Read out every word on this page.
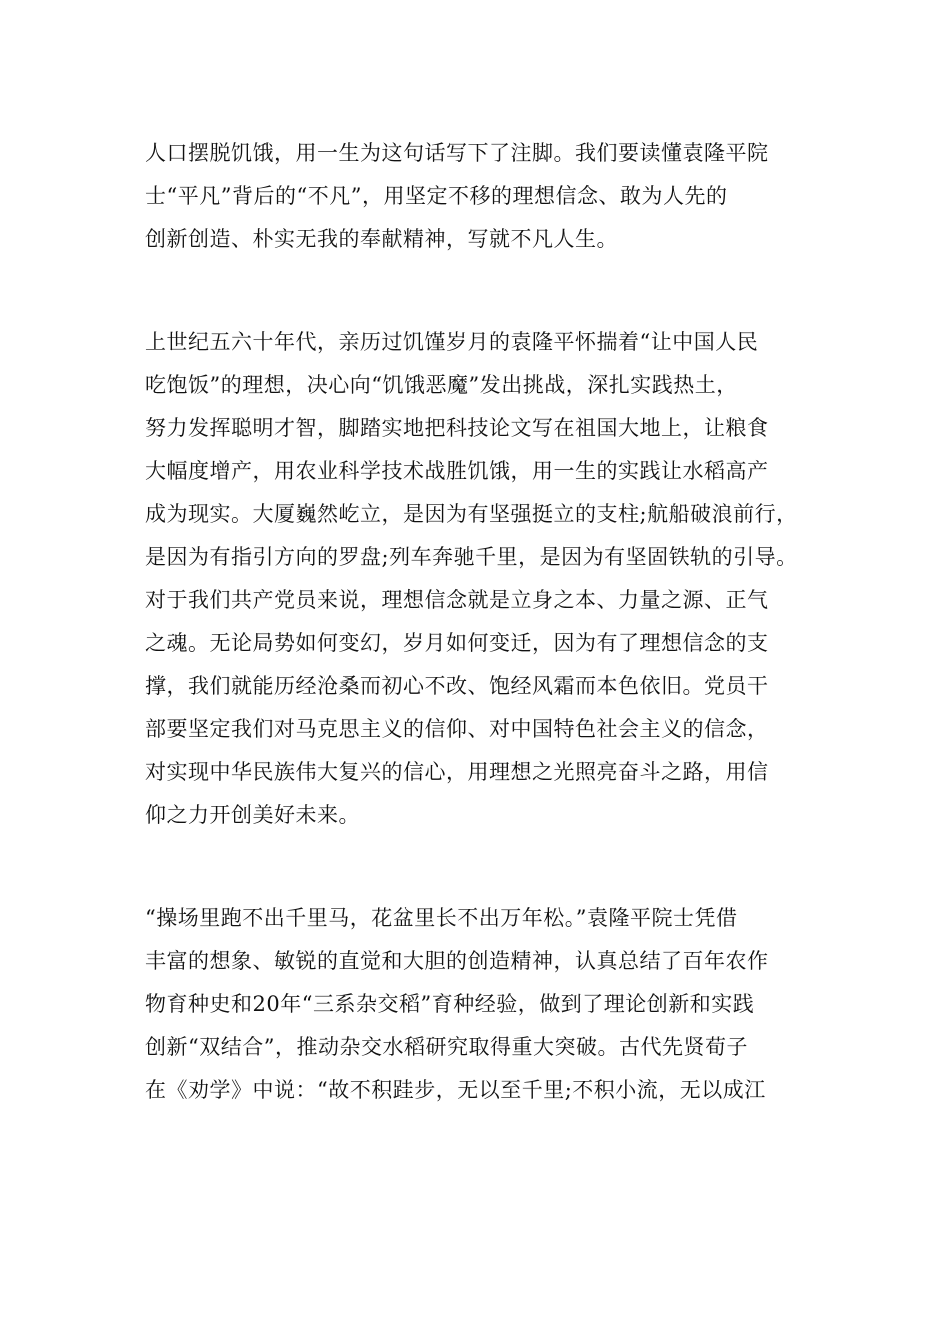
人口摆脱饥饿，用一生为这句话写下了注脚。我们要读懂袁隆平院
士“平凡”背后的“不凡”，用坚定不移的理想信念、敢为人先的
创新创造、朴实无我的奉献精神，写就不凡人生。
上世纪五六十年代，亲历过饥馑岁月的袁隆平怀揣着“让中国人民
吃饱饭”的理想，决心向“饥饿恶魔”发出挑战，深扎实践热土，
努力发挥聪明才智，脚踏实地把科技论文写在祖国大地上，让粮食
大幅度增产，用农业科学技术战胜饥饿，用一生的实践让水稻高产
成为现实。大厦巍然屹立，是因为有坚强挺立的支柱;航船破浪前行，
是因为有指引方向的罗盘;列车奔驰千里，是因为有坚固铁轨的引导。
对于我们共产党员来说，理想信念就是立身之本、力量之源、正气
之魂。无论局势如何变幻，岁月如何变迁，因为有了理想信念的支
撑，我们就能历经沧桑而初心不改、饱经风霜而本色依旧。党员干
部要坚定我们对马克思主义的信仰、对中国特色社会主义的信念，
对实现中华民族伟大复兴的信心，用理想之光照亮奋斗之路，用信
仰之力开创美好未来。
“操场里跑不出千里马，花盆里长不出万年松。”袁隆平院士凭借
丰富的想象、敏锐的直觉和大胆的创造精神，认真总结了百年农作
物育种史和20年“三系杂交稻”育种经验，做到了理论创新和实践
创新“双结合”，推动杂交水稻研究取得重大突破。古代先贤荀子
在《劝学》中说：“故不积跬步，无以至千里;不积小流，无以成江
